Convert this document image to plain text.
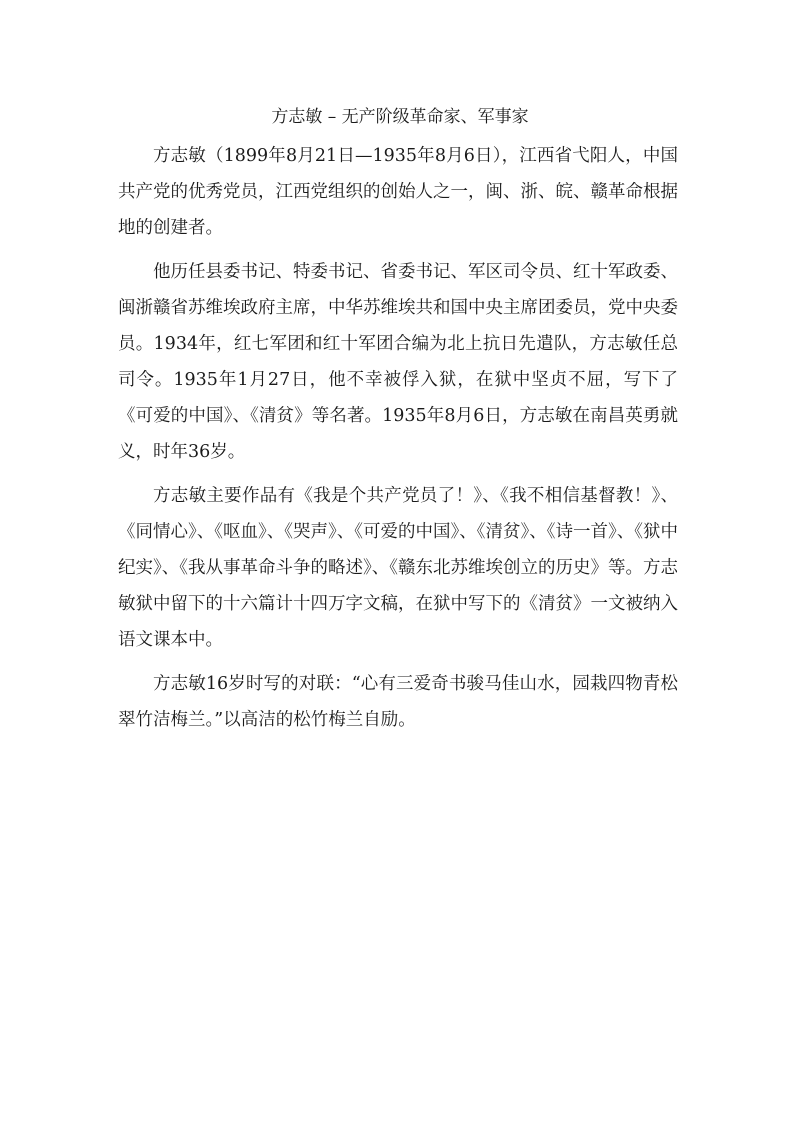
方志敏 – 无产阶级革命家、军事家

方志敏（1899年8月21日—1935年8月6日），江西省弋阳人，中国共产党的优秀党员，江西党组织的创始人之一，闽、浙、皖、赣革命根据地的创建者。

他历任县委书记、特委书记、省委书记、军区司令员、红十军政委、闽浙赣省苏维埃政府主席，中华苏维埃共和国中央主席团委员，党中央委员。1934年，红七军团和红十军团合编为北上抗日先遣队，方志敏任总司令。1935年1月27日，他不幸被俘入狱，在狱中坚贞不屈，写下了《可爱的中国》、《清贫》等名著。1935年8月6日，方志敏在南昌英勇就义，时年36岁。

方志敏主要作品有《我是个共产党员了！》、《我不相信基督教！》、《同情心》、《呕血》、《哭声》、《可爱的中国》、《清贫》、《诗一首》、《狱中纪实》、《我从事革命斗争的略述》、《赣东北苏维埃创立的历史》等。方志敏狱中留下的十六篇计十四万字文稿，在狱中写下的《清贫》一文被纳入语文课本中。

方志敏16岁时写的对联：“心有三爱奇书骏马佳山水，园栽四物青松翠竹洁梅兰。”以高洁的松竹梅兰自励。
